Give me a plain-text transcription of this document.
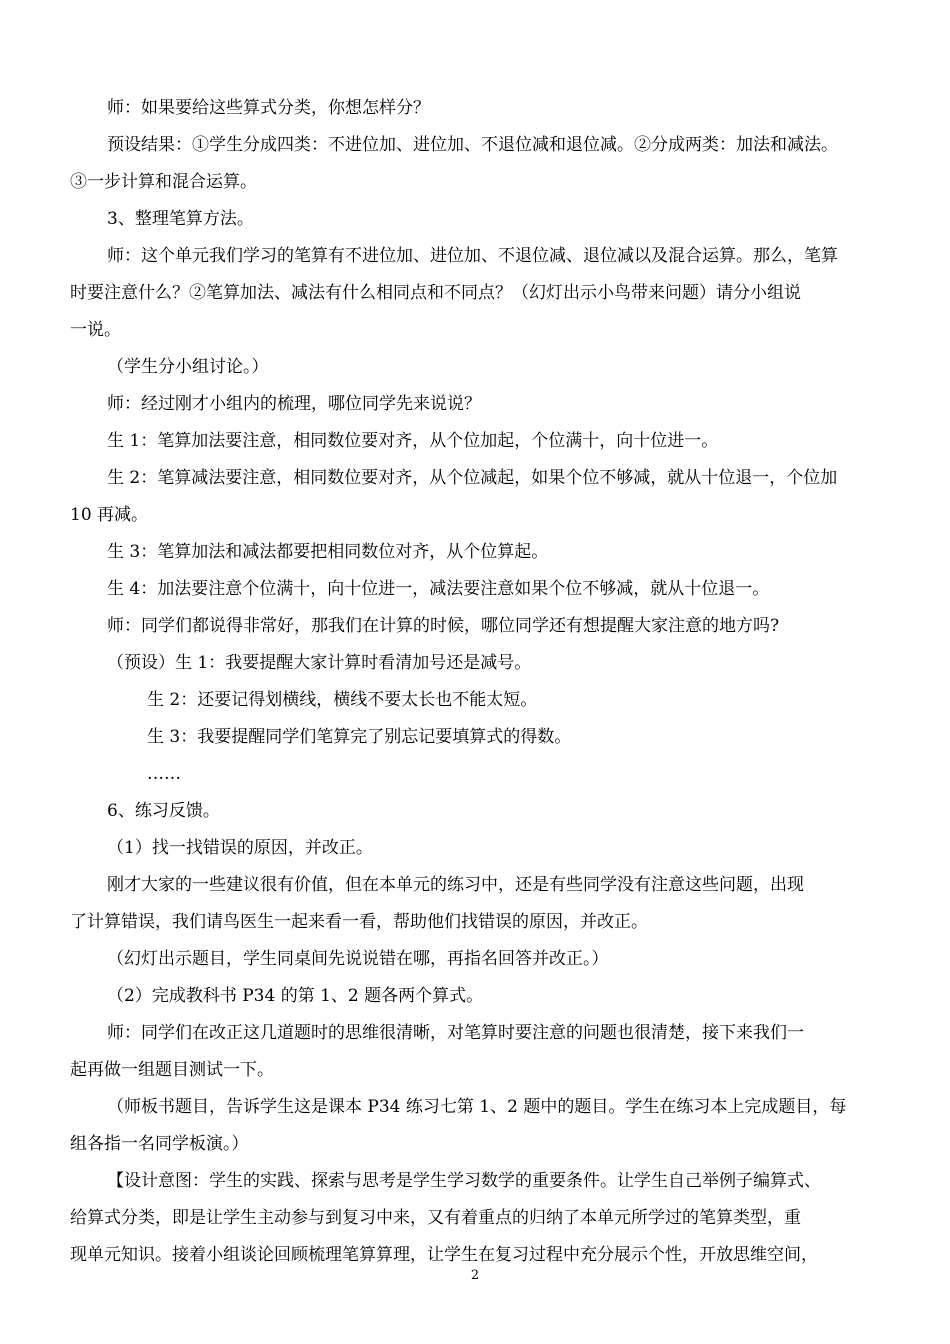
师：如果要给这些算式分类，你想怎样分？
预设结果：①学生分成四类：不进位加、进位加、不退位减和退位减。②分成两类：加法和减法。
③一步计算和混合运算。
3、整理笔算方法。
师：这个单元我们学习的笔算有不进位加、进位加、不退位减、退位减以及混合运算。那么，笔算
时要注意什么？②笔算加法、减法有什么相同点和不同点？（幻灯出示小鸟带来问题）请分小组说
一说。
（学生分小组讨论。）
师：经过刚才小组内的梳理，哪位同学先来说说？
生 1：笔算加法要注意，相同数位要对齐，从个位加起，个位满十，向十位进一。
生 2：笔算减法要注意，相同数位要对齐，从个位减起，如果个位不够减，就从十位退一，个位加
10 再减。
生 3：笔算加法和减法都要把相同数位对齐，从个位算起。
生 4：加法要注意个位满十，向十位进一，减法要注意如果个位不够减，就从十位退一。
师：同学们都说得非常好，那我们在计算的时候，哪位同学还有想提醒大家注意的地方吗?
（预设）生 1：我要提醒大家计算时看清加号还是减号。
生 2：还要记得划横线，横线不要太长也不能太短。
生 3：我要提醒同学们笔算完了别忘记要填算式的得数。
……
6、练习反馈。
（1）找一找错误的原因，并改正。
刚才大家的一些建议很有价值，但在本单元的练习中，还是有些同学没有注意这些问题，出现
了计算错误，我们请鸟医生一起来看一看，帮助他们找错误的原因，并改正。
（幻灯出示题目，学生同桌间先说说错在哪，再指名回答并改正。）
（2）完成教科书 P34 的第 1、2 题各两个算式。
师：同学们在改正这几道题时的思维很清晰，对笔算时要注意的问题也很清楚，接下来我们一
起再做一组题目测试一下。
（师板书题目，告诉学生这是课本 P34 练习七第 1、2 题中的题目。学生在练习本上完成题目，每
组各指一名同学板演。）
【设计意图：学生的实践、探索与思考是学生学习数学的重要条件。让学生自己举例子编算式、
给算式分类，即是让学生主动参与到复习中来，又有着重点的归纳了本单元所学过的笔算类型，重
现单元知识。接着小组谈论回顾梳理笔算算理，让学生在复习过程中充分展示个性，开放思维空间，
2
